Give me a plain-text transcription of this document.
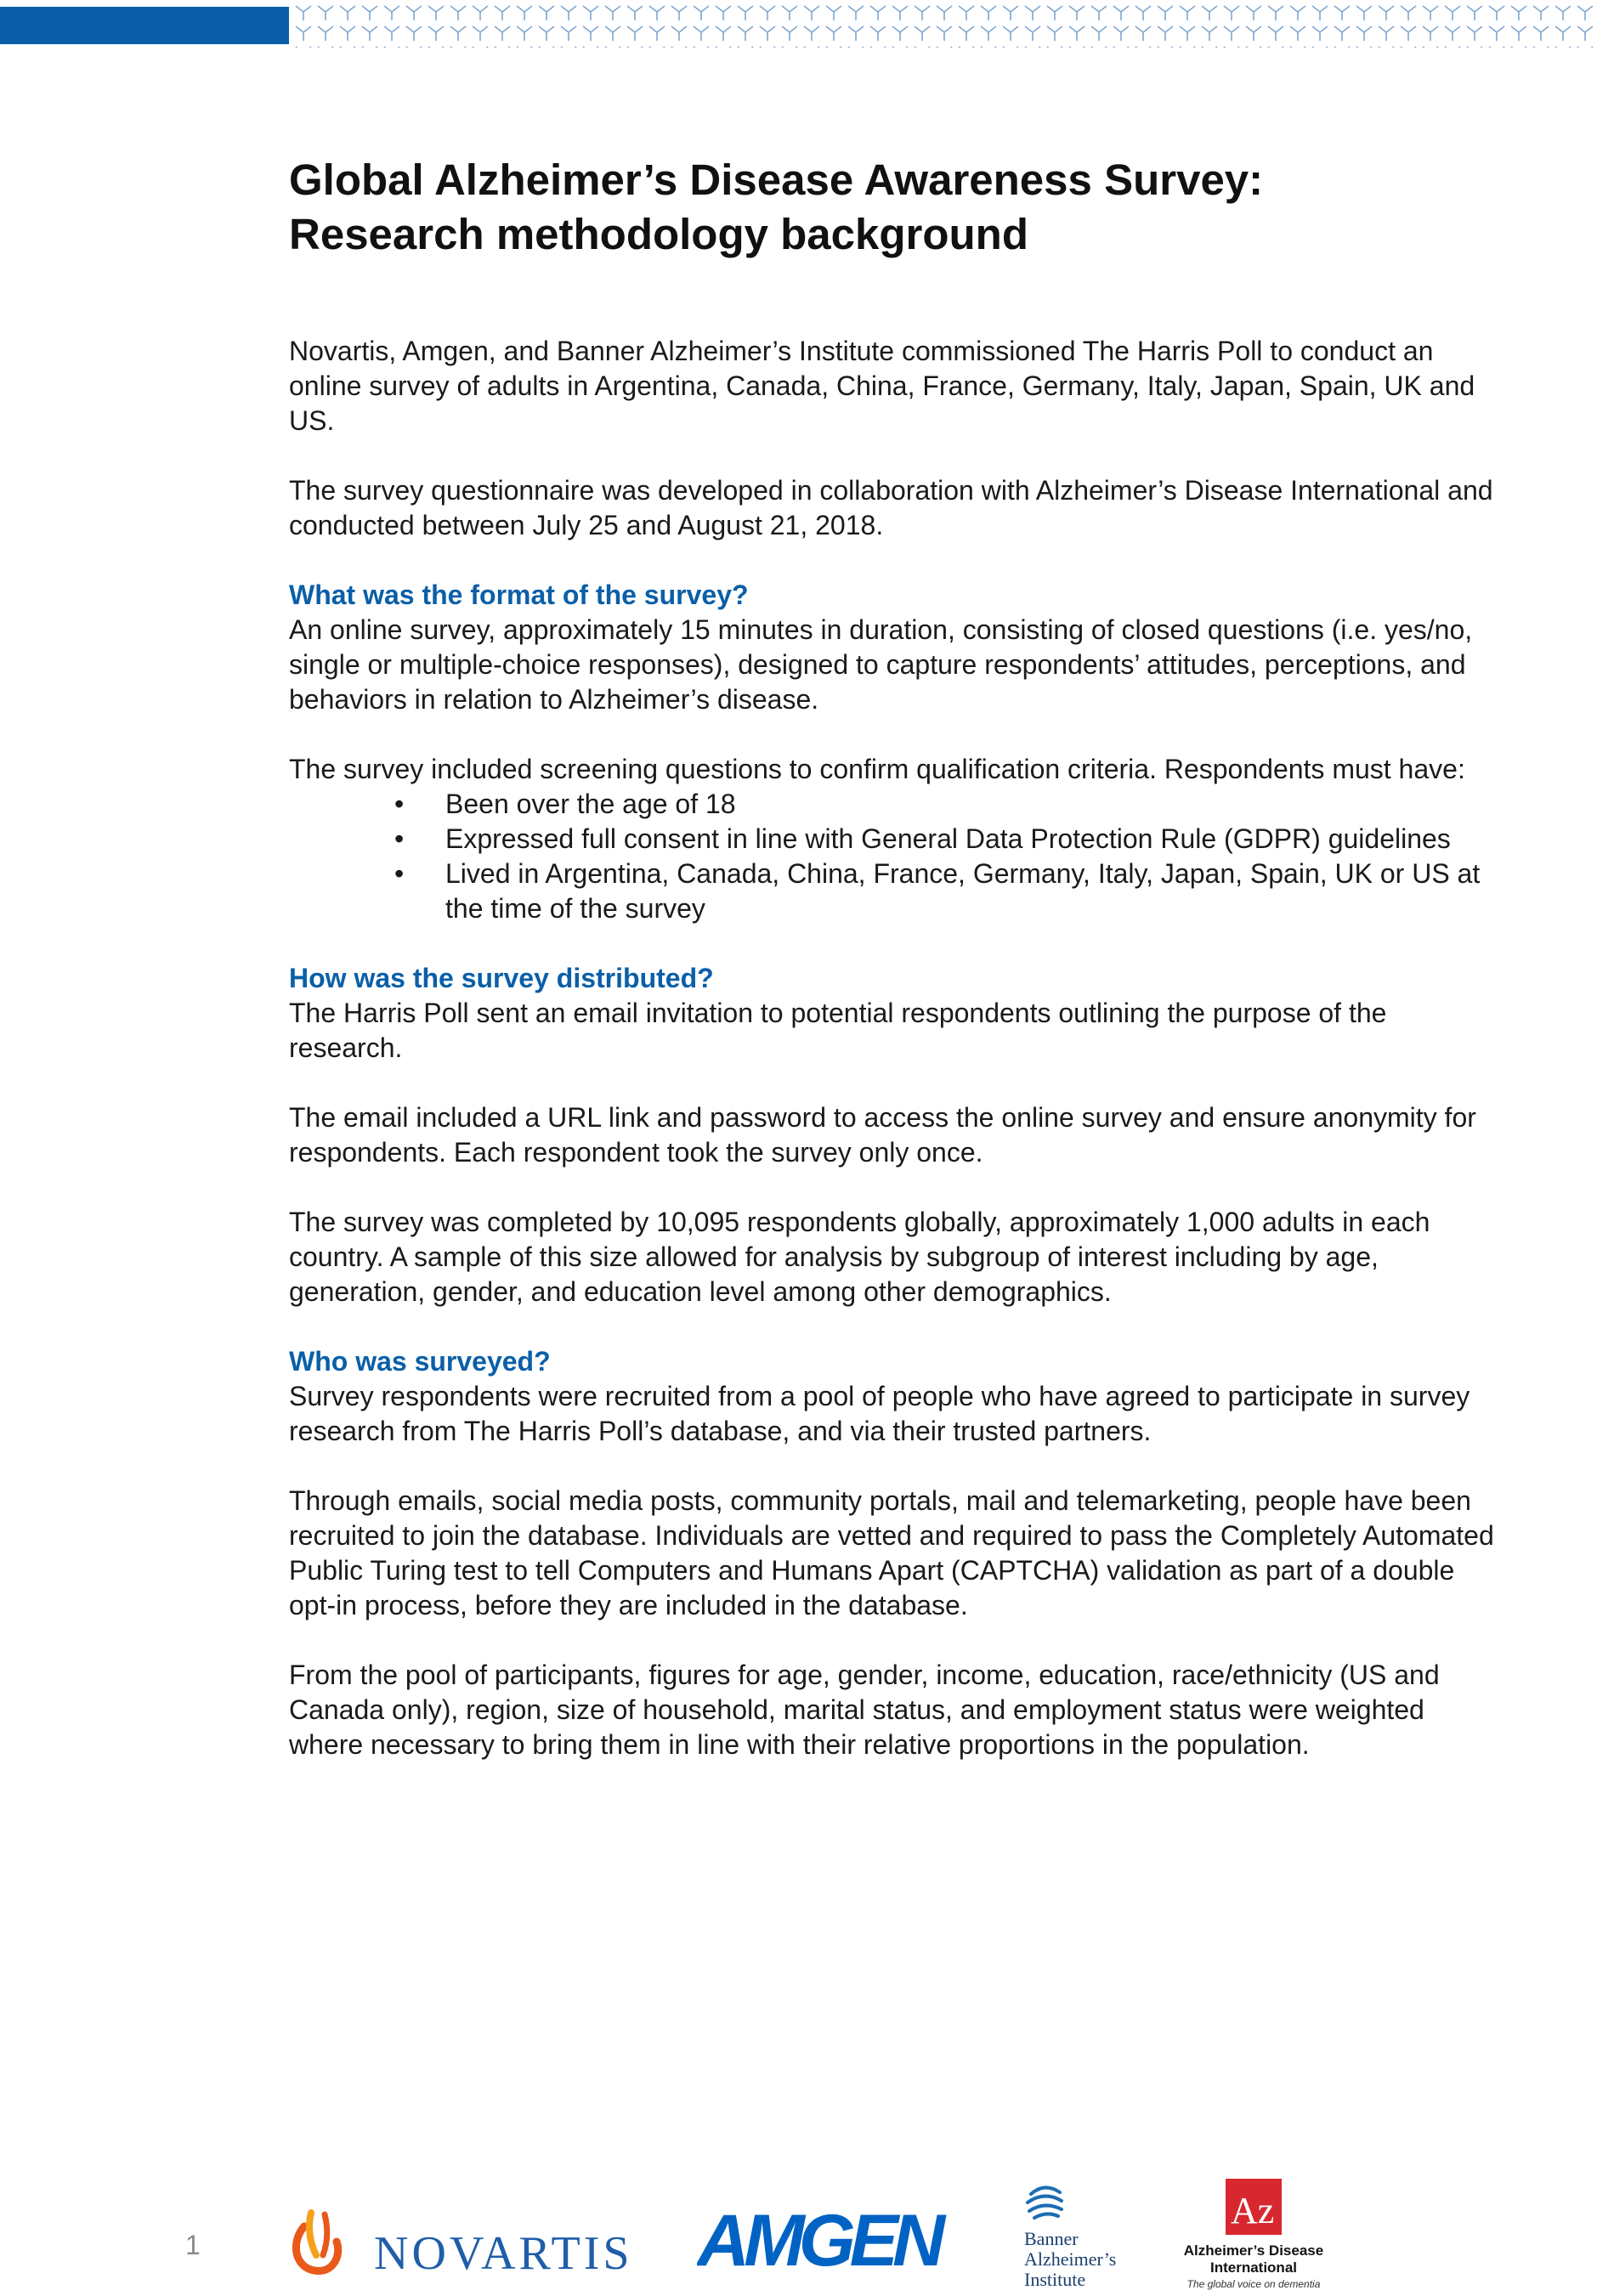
Global Alzheimer’s Disease Awareness Survey:
Research methodology background

Novartis, Amgen, and Banner Alzheimer’s Institute commissioned The Harris Poll to conduct an online survey of adults in Argentina, Canada, China, France, Germany, Italy, Japan, Spain, UK and US.

The survey questionnaire was developed in collaboration with Alzheimer’s Disease International and conducted between July 25 and August 21, 2018.

What was the format of the survey?

An online survey, approximately 15 minutes in duration, consisting of closed questions (i.e. yes/no, single or multiple-choice responses), designed to capture respondents’ attitudes, perceptions, and behaviors in relation to Alzheimer’s disease.

The survey included screening questions to confirm qualification criteria. Respondents must have:

• Been over the age of 18
• Expressed full consent in line with General Data Protection Rule (GDPR) guidelines
• Lived in Argentina, Canada, China, France, Germany, Italy, Japan, Spain, UK or US at the time of the survey
How was the survey distributed?

The Harris Poll sent an email invitation to potential respondents outlining the purpose of the research.

The email included a URL link and password to access the online survey and ensure anonymity for respondents. Each respondent took the survey only once.

The survey was completed by 10,095 respondents globally, approximately 1,000 adults in each country. A sample of this size allowed for analysis by subgroup of interest including by age, generation, gender, and education level among other demographics.

Who was surveyed?

Survey respondents were recruited from a pool of people who have agreed to participate in survey research from The Harris Poll’s database, and via their trusted partners.

Through emails, social media posts, community portals, mail and telemarketing, people have been recruited to join the database. Individuals are vetted and required to pass the Completely Automated Public Turing test to tell Computers and Humans Apart (CAPTCHA) validation as part of a double opt-in process, before they are included in the database.

From the pool of participants, figures for age, gender, income, education, race/ethnicity (US and Canada only), region, size of household, marital status, and employment status were weighted where necessary to bring them in line with their relative proportions in the population.

1	NOVARTIS AMGEN	Banner
Alzheimer’s
Institute
Az
Alzheimer’s Disease
International
The global voice on dementia
